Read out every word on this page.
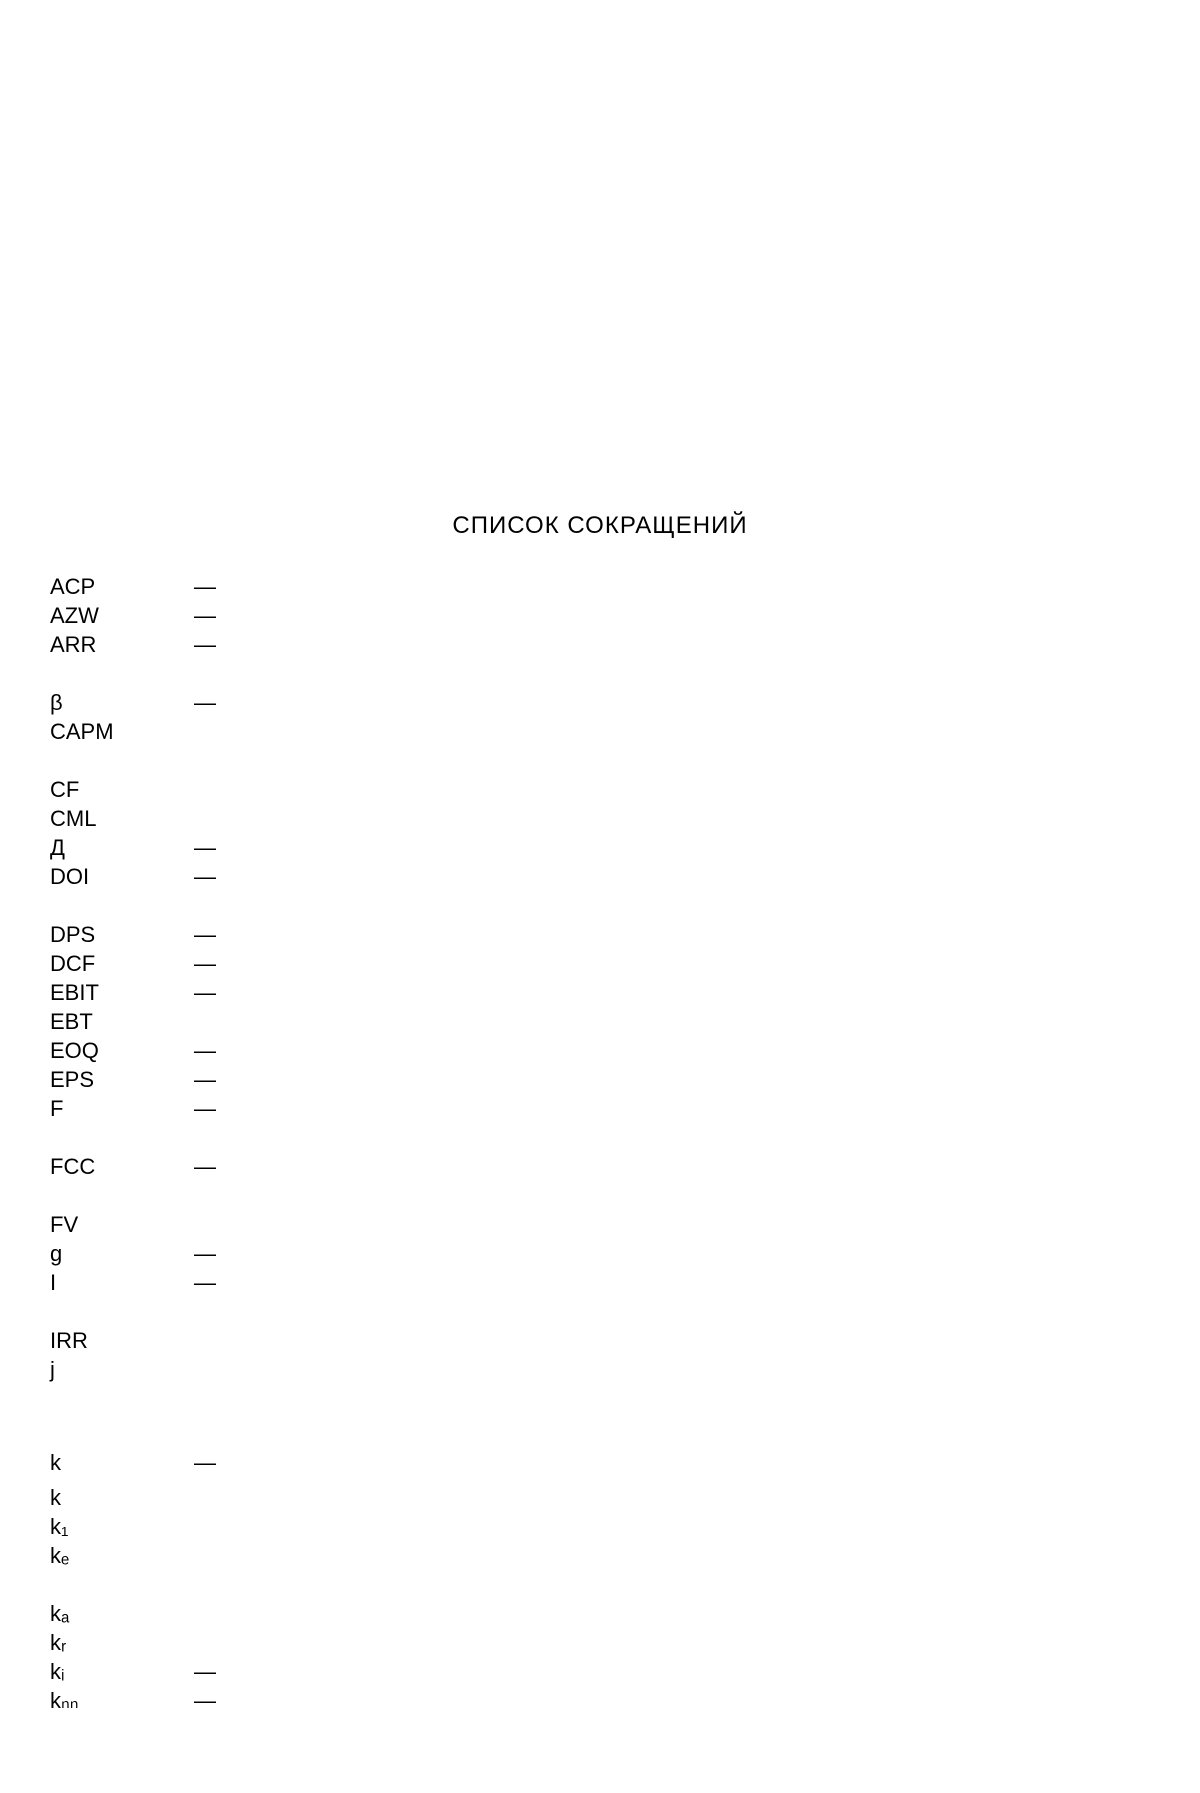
СПИСОК СОКРАЩЕНИЙ
ACP	—
AZW	—
ARR	—
β	—
CAPM
CF
CML
Д	—
DOI	—
DPS	—
DCF	—
EBIT	—
EBT
EOQ	—
EPS	—
F	—
FCC	—
FV
g	—
I	—
IRR
j
k	—
k
k₁
kₑ
kₐ
kᵣ
kᵢ	—
kₙₙ	—
